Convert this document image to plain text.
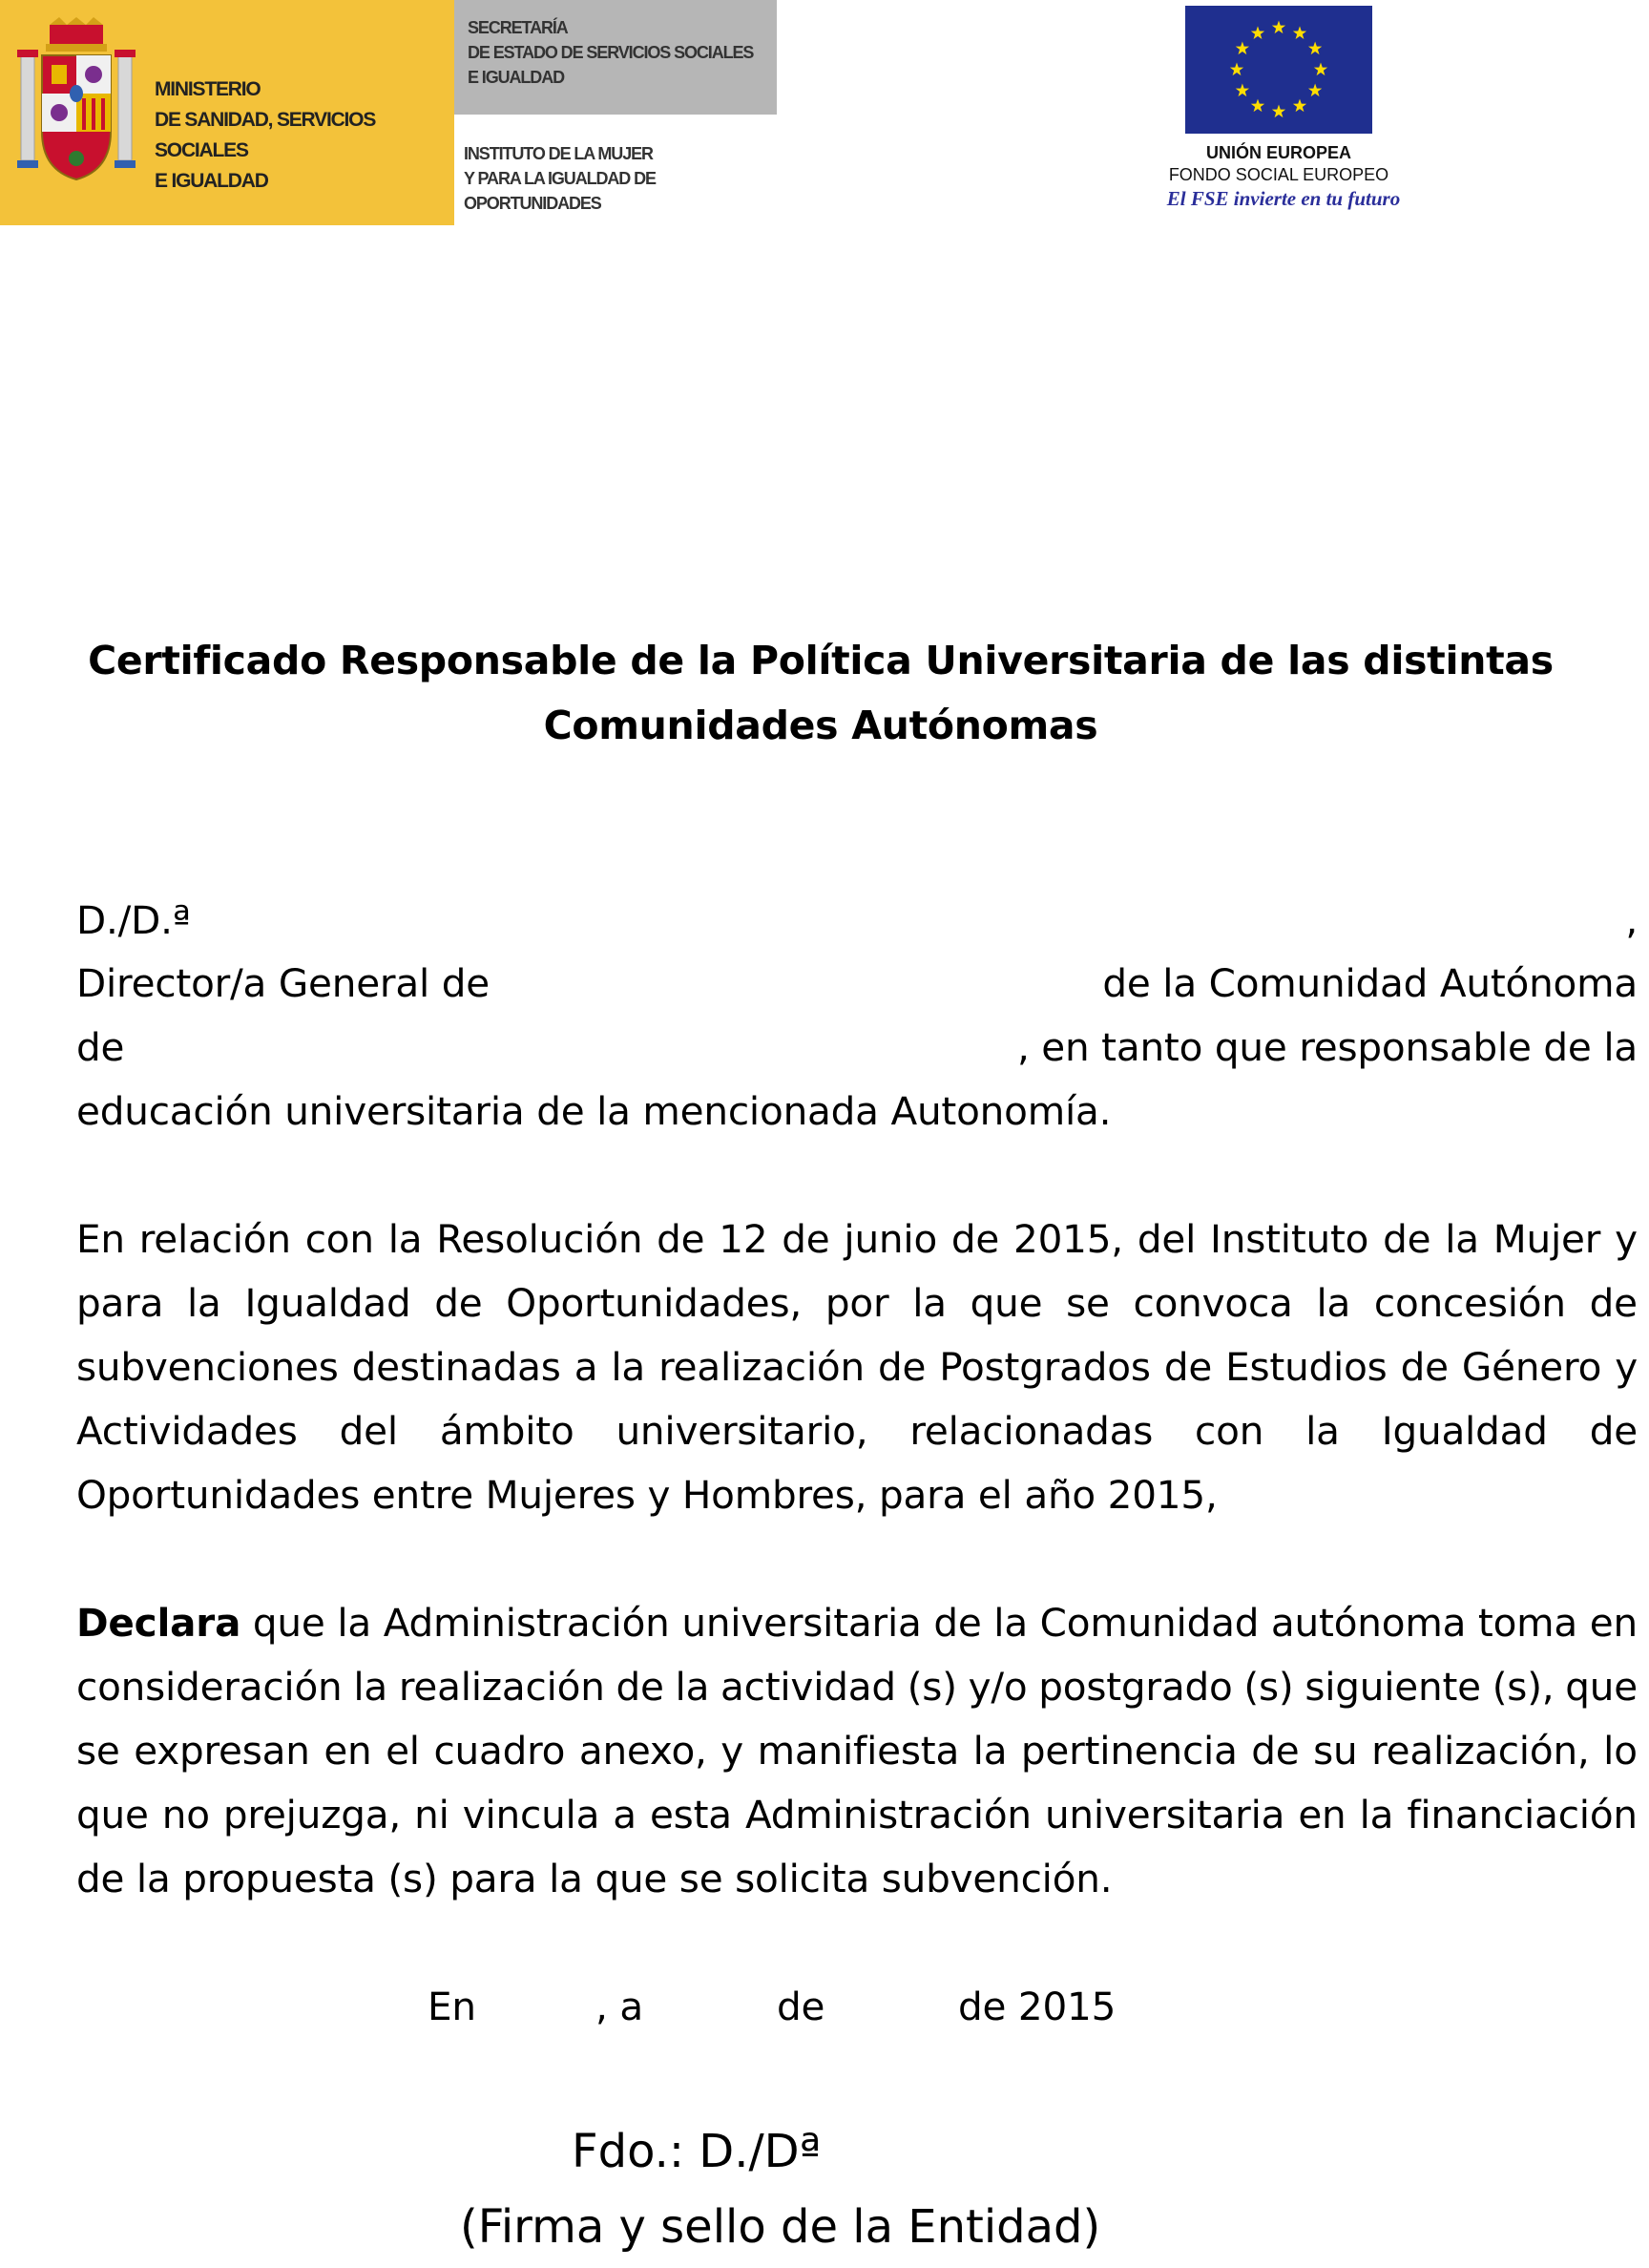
MINISTERIO
DE SANIDAD, SERVICIOS SOCIALES
E IGUALDAD
SECRETARÍA
DE ESTADO DE SERVICIOS SOCIALES
E IGUALDAD
INSTITUTO DE LA MUJER
Y PARA LA IGUALDAD DE OPORTUNIDADES
UNIÓN EUROPEA
FONDO SOCIAL EUROPEO
El FSE invierte en tu futuro
Certificado Responsable de la Política Universitaria de las distintas
Comunidades Autónomas
D./D.ª	,
Director/a General de	de la Comunidad Autónoma
de	, en tanto que responsable de la
educación universitaria de la mencionada Autonomía.
En relación con la Resolución de 12 de junio de 2015, del Instituto de la Mujer y
para la Igualdad de Oportunidades, por la que se convoca la concesión de
subvenciones destinadas a la realización de Postgrados de Estudios de Género y
Actividades del ámbito universitario, relacionadas con la Igualdad de
Oportunidades entre Mujeres y Hombres, para el año 2015,
Declara que la Administración universitaria de la Comunidad autónoma toma en
consideración la realización de la actividad (s) y/o postgrado (s) siguiente (s), que
se expresan en el cuadro anexo, y manifiesta la pertinencia de su realización, lo
que no prejuzga, ni vincula a esta Administración universitaria en la financiación
de la propuesta (s) para la que se solicita subvención.
En	, a	de	de 2015
Fdo.: D./Dª
(Firma y sello de la Entidad)
